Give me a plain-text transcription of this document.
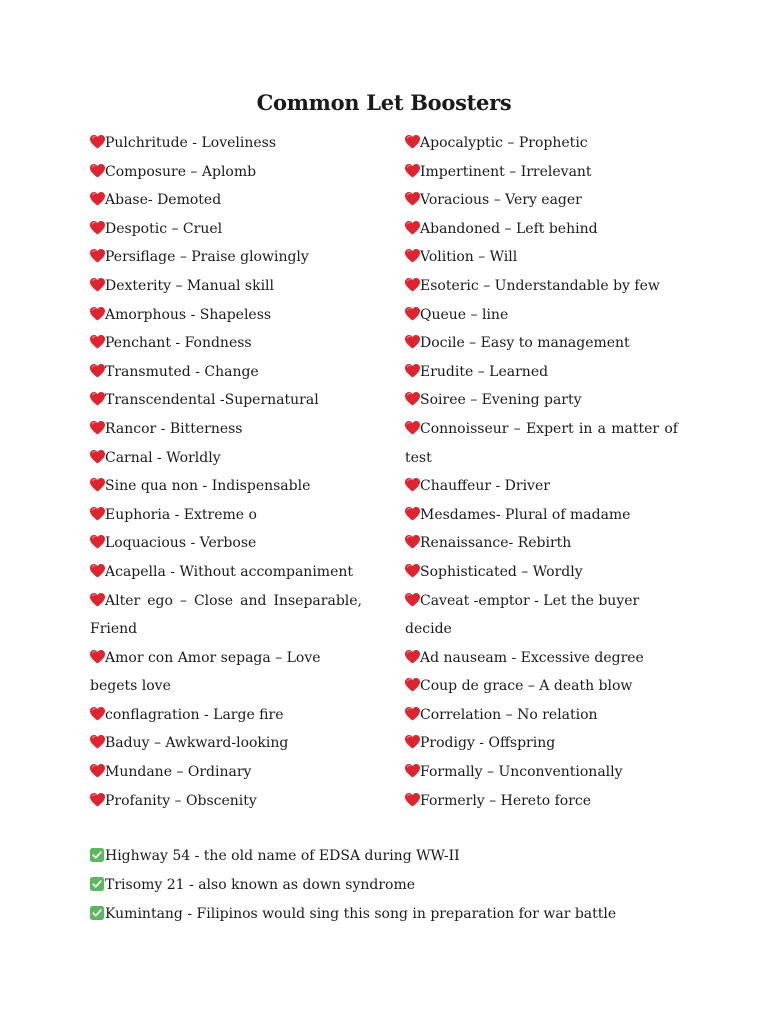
Common Let Boosters

Pulchritude - Loveliness

Composure – Aplomb

Abase- Demoted

Despotic – Cruel

Persiflage – Praise glowingly

Dexterity – Manual skill

Amorphous - Shapeless

Penchant - Fondness

Transmuted - Change

Transcendental -Supernatural

Rancor - Bitterness

Carnal - Worldly

Sine qua non - Indispensable

Euphoria - Extreme o

Loquacious - Verbose

Acapella - Without accompaniment

Alter ego – Close and Inseparable, Friend

Amor con Amor sepaga – Love begets love

conflagration - Large fire

Baduy – Awkward-looking

Mundane – Ordinary

Profanity – Obscenity

Apocalyptic – Prophetic

Impertinent – Irrelevant

Voracious – Very eager

Abandoned – Left behind

Volition – Will

Esoteric – Understandable by few

Queue – line

Docile – Easy to management

Erudite – Learned

Soiree – Evening party

Connoisseur – Expert in a matter of test

Chauffeur - Driver

Mesdames- Plural of madame

Renaissance- Rebirth

Sophisticated – Wordly

Caveat -emptor - Let the buyer decide

Ad nauseam - Excessive degree

Coup de grace – A death blow

Correlation – No relation

Prodigy - Offspring

Formally – Unconventionally

Formerly – Hereto force

Highway 54 - the old name of EDSA during WW-II

Trisomy 21 - also known as down syndrome

Kumintang - Filipinos would sing this song in preparation for war battle
